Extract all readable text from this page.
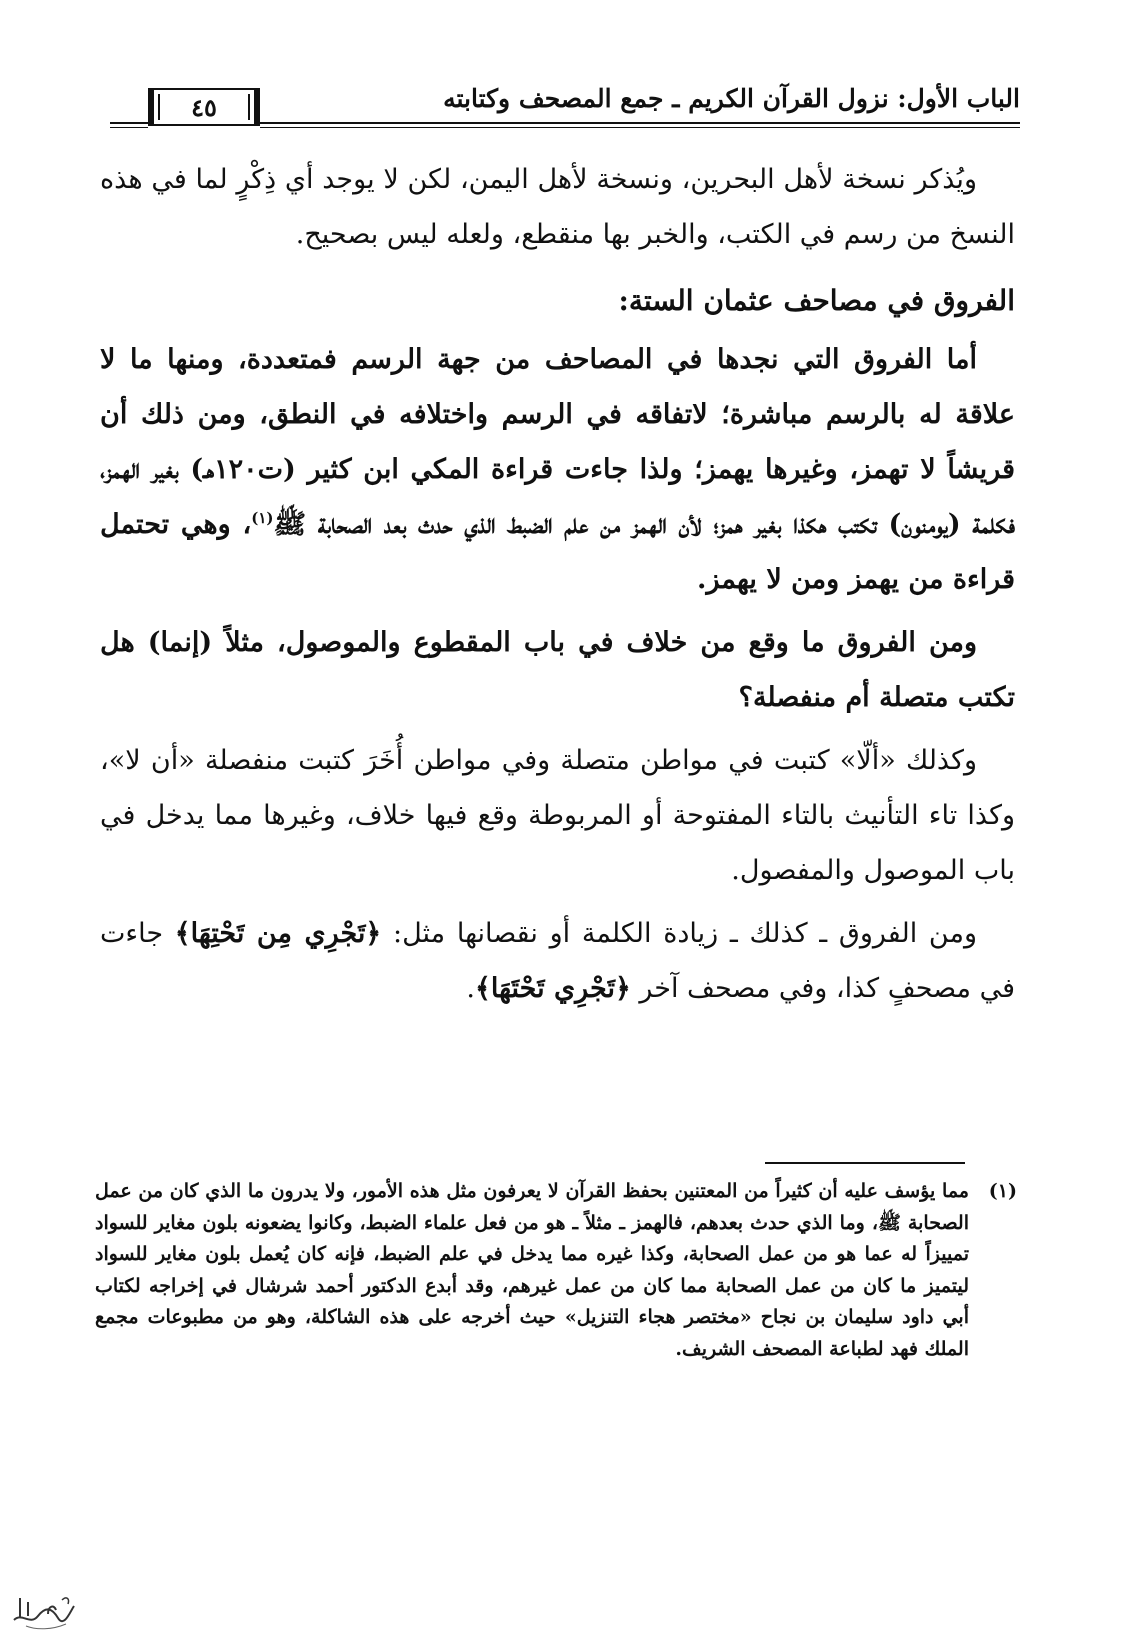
الباب الأول: نزول القرآن الكريم ـ جمع المصحف وكتابته
٤٥

ويُذكر نسخة لأهل البحرين، ونسخة لأهل اليمن، لكن لا يوجد أي ذِكْرٍ لما في هذه النسخ من رسم في الكتب، والخبر بها منقطع، ولعله ليس بصحيح.

الفروق في مصاحف عثمان الستة:

أما الفروق التي نجدها في المصاحف من جهة الرسم فمتعددة، ومنها ما لا علاقة له بالرسم مباشرة؛ لاتفاقه في الرسم واختلافه في النطق، ومن ذلك أن قريشاً لا تهمز، وغيرها يهمز؛ ولذا جاءت قراءة المكي ابن كثير (ت١٢٠هـ) بغير الهمز، فكلمة (يومنون) تكتب هكذا بغير همز؛ لأن الهمز من علم الضبط الذي حدث بعد الصحابة ﷺ$^{(١)}$، وهي تحتمل قراءة من يهمز ومن لا يهمز.

ومن الفروق ما وقع من خلاف في باب المقطوع والموصول، مثلاً (إنما) هل تكتب متصلة أم منفصلة؟

وكذلك «ألّا» كتبت في مواطن متصلة وفي مواطن أُخَرَ كتبت منفصلة «أن لا»، وكذا تاء التأنيث بالتاء المفتوحة أو المربوطة وقع فيها خلاف، وغيرها مما يدخل في باب الموصول والمفصول.

ومن الفروق ـ كذلك ـ زيادة الكلمة أو نقصانها مثل: ﴿تَجْرِي مِن تَحْتِهَا﴾ جاءت في مصحفٍ كذا، وفي مصحف آخر ﴿تَجْرِي تَحْتَهَا﴾.

(١)
مما يؤسف عليه أن كثيراً من المعتنين بحفظ القرآن لا يعرفون مثل هذه الأمور، ولا يدرون ما الذي كان من عمل الصحابة ﷺ، وما الذي حدث بعدهم، فالهمز ـ مثلاً ـ هو من فعل علماء الضبط، وكانوا يضعونه بلون مغاير للسواد تمييزاً له عما هو من عمل الصحابة، وكذا غيره مما يدخل في علم الضبط، فإنه كان يُعمل بلون مغاير للسواد ليتميز ما كان من عمل الصحابة مما كان من عمل غيرهم، وقد أبدع الدكتور أحمد شرشال في إخراجه لكتاب أبي داود سليمان بن نجاح «مختصر هجاء التنزيل» حيث أخرجه على هذه الشاكلة، وهو من مطبوعات مجمع الملك فهد لطباعة المصحف الشريف.
